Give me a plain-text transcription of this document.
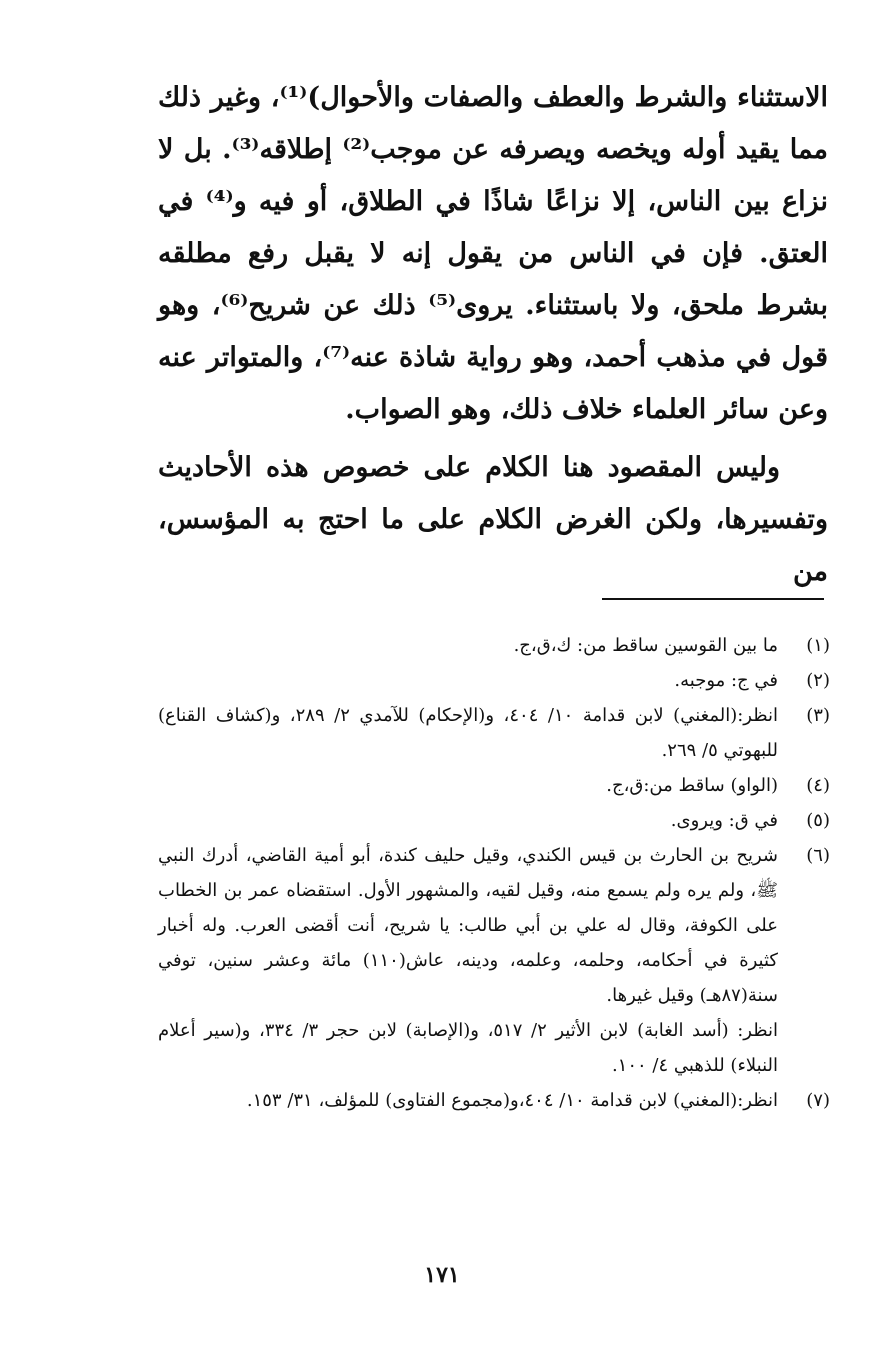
الاستثناء والشرط والعطف والصفات والأحوال)⁽¹⁾، وغير ذلك مما يقيد أوله ويخصه ويصرفه عن موجب⁽²⁾ إطلاقه⁽³⁾. بل لا نزاع بين الناس، إلا نزاعًا شاذًا في الطلاق، أو فيه و⁽⁴⁾ في العتق. فإن في الناس من يقول إنه لا يقبل رفع مطلقه بشرط ملحق، ولا باستثناء. يروى⁽⁵⁾ ذلك عن شريح⁽⁶⁾، وهو قول في مذهب أحمد، وهو رواية شاذة عنه⁽⁷⁾، والمتواتر عنه وعن سائر العلماء خلاف ذلك، وهو الصواب.

وليس المقصود هنا الكلام على خصوص هذه الأحاديث وتفسيرها، ولكن الغرض الكلام على ما احتج به المؤسس، من

(١)
ما بين القوسين ساقط من: ك،ق،ج.
(٢)
في ج: موجبه.
(٣)
انظر:(المغني) لابن قدامة ١٠/ ٤٠٤، و(الإحكام) للآمدي ٢/ ٢٨٩، و(كشاف القناع) للبهوتي ٥/ ٢٦٩.
(٤)
(الواو) ساقط من:ق،ج.
(٥)
في ق: ويروى.
(٦)
شريح بن الحارث بن قيس الكندي، وقيل حليف كندة، أبو أمية القاضي، أدرك النبي ﷺ، ولم يره ولم يسمع منه، وقيل لقيه، والمشهور الأول. استقضاه عمر بن الخطاب على الكوفة، وقال له علي بن أبي طالب: يا شريح، أنت أقضى العرب. وله أخبار كثيرة في أحكامه، وحلمه، وعلمه، ودينه، عاش(١١٠) مائة وعشر سنين، توفي سنة(٨٧هـ) وقيل غيرها.
انظر: (أسد الغابة) لابن الأثير ٢/ ٥١٧، و(الإصابة) لابن حجر ٣/ ٣٣٤، و(سير أعلام النبلاء) للذهبي ٤/ ١٠٠.
(٧)
انظر:(المغني) لابن قدامة ١٠/ ٤٠٤،و(مجموع الفتاوى) للمؤلف، ٣١/ ١٥٣.
١٧١
